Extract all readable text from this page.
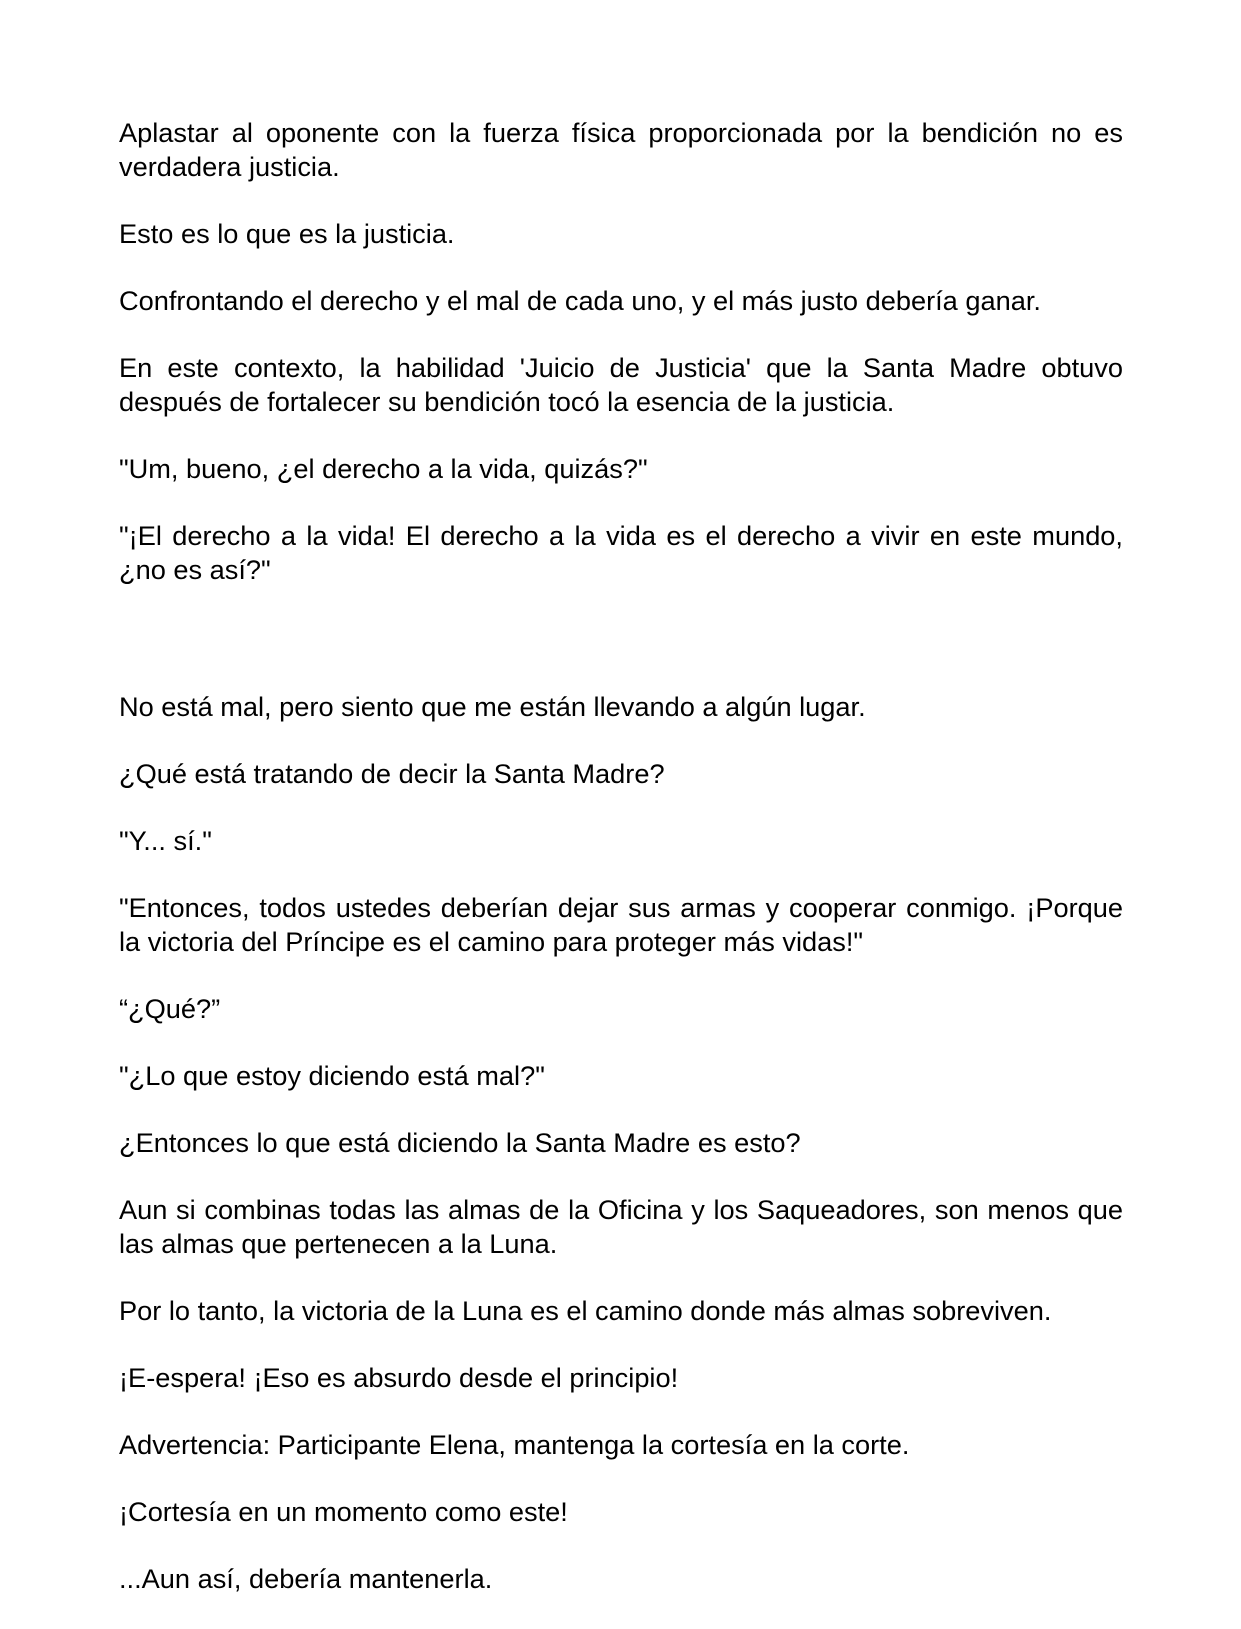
Aplastar al oponente con la fuerza física proporcionada por la bendición no es verdadera justicia.

Esto es lo que es la justicia.

Confrontando el derecho y el mal de cada uno, y el más justo debería ganar.

En este contexto, la habilidad 'Juicio de Justicia' que la Santa Madre obtuvo después de fortalecer su bendición tocó la esencia de la justicia.

"Um, bueno, ¿el derecho a la vida, quizás?"

"¡El derecho a la vida! El derecho a la vida es el derecho a vivir en este mundo, ¿no es así?"

No está mal, pero siento que me están llevando a algún lugar.

¿Qué está tratando de decir la Santa Madre?

"Y... sí."

"Entonces, todos ustedes deberían dejar sus armas y cooperar conmigo. ¡Porque la victoria del Príncipe es el camino para proteger más vidas!"

“¿Qué?”

"¿Lo que estoy diciendo está mal?"

¿Entonces lo que está diciendo la Santa Madre es esto?

Aun si combinas todas las almas de la Oficina y los Saqueadores, son menos que las almas que pertenecen a la Luna.

Por lo tanto, la victoria de la Luna es el camino donde más almas sobreviven.

¡E-espera! ¡Eso es absurdo desde el principio!

Advertencia: Participante Elena, mantenga la cortesía en la corte.

¡Cortesía en un momento como este!

...Aun así, debería mantenerla.
